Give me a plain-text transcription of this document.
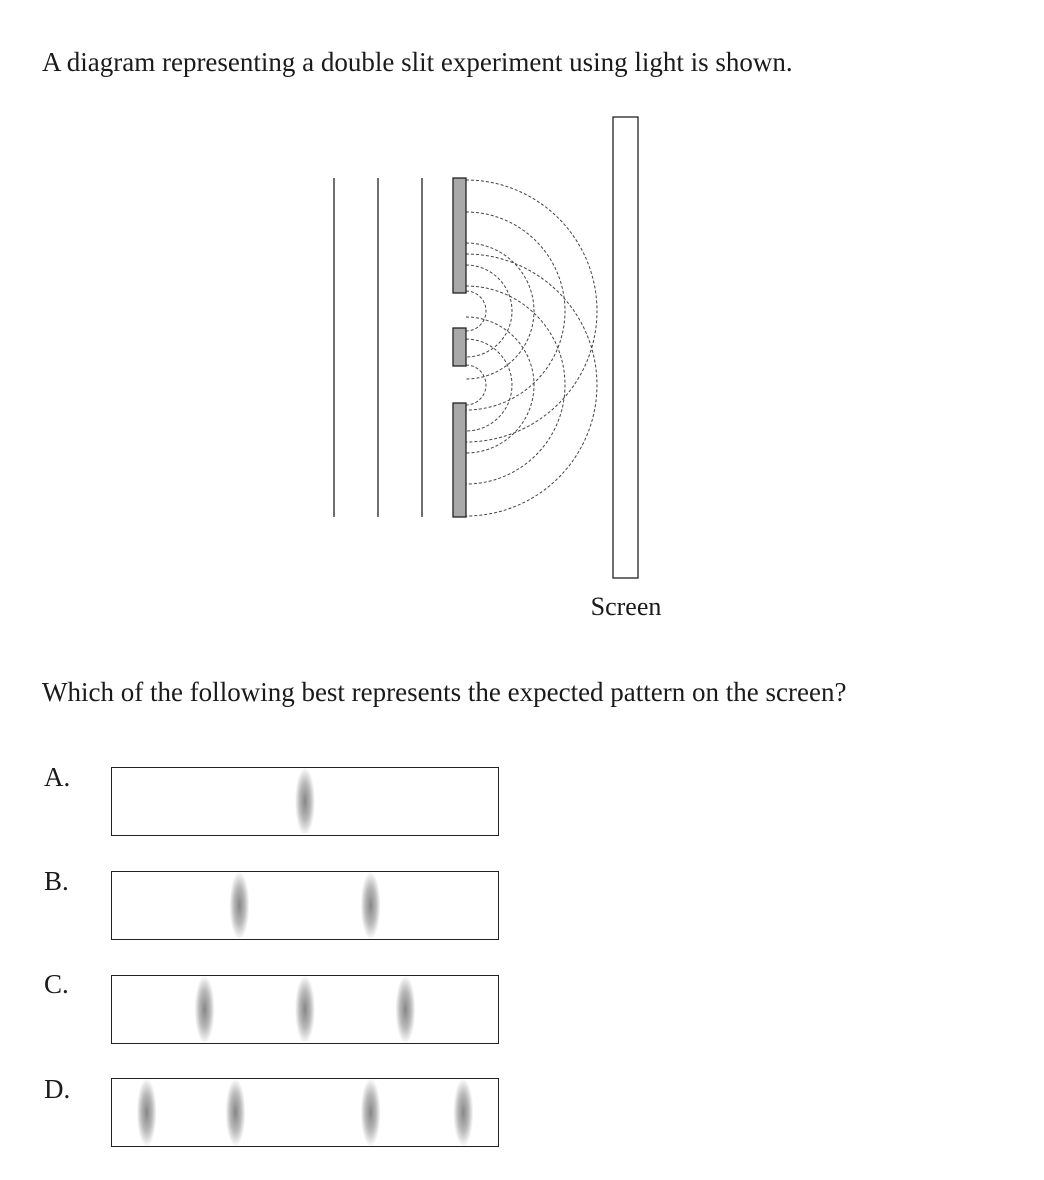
A diagram representing a double slit experiment using light is shown.
Screen
Which of the following best represents the expected pattern on the screen?
A.
B.
C.
D.
